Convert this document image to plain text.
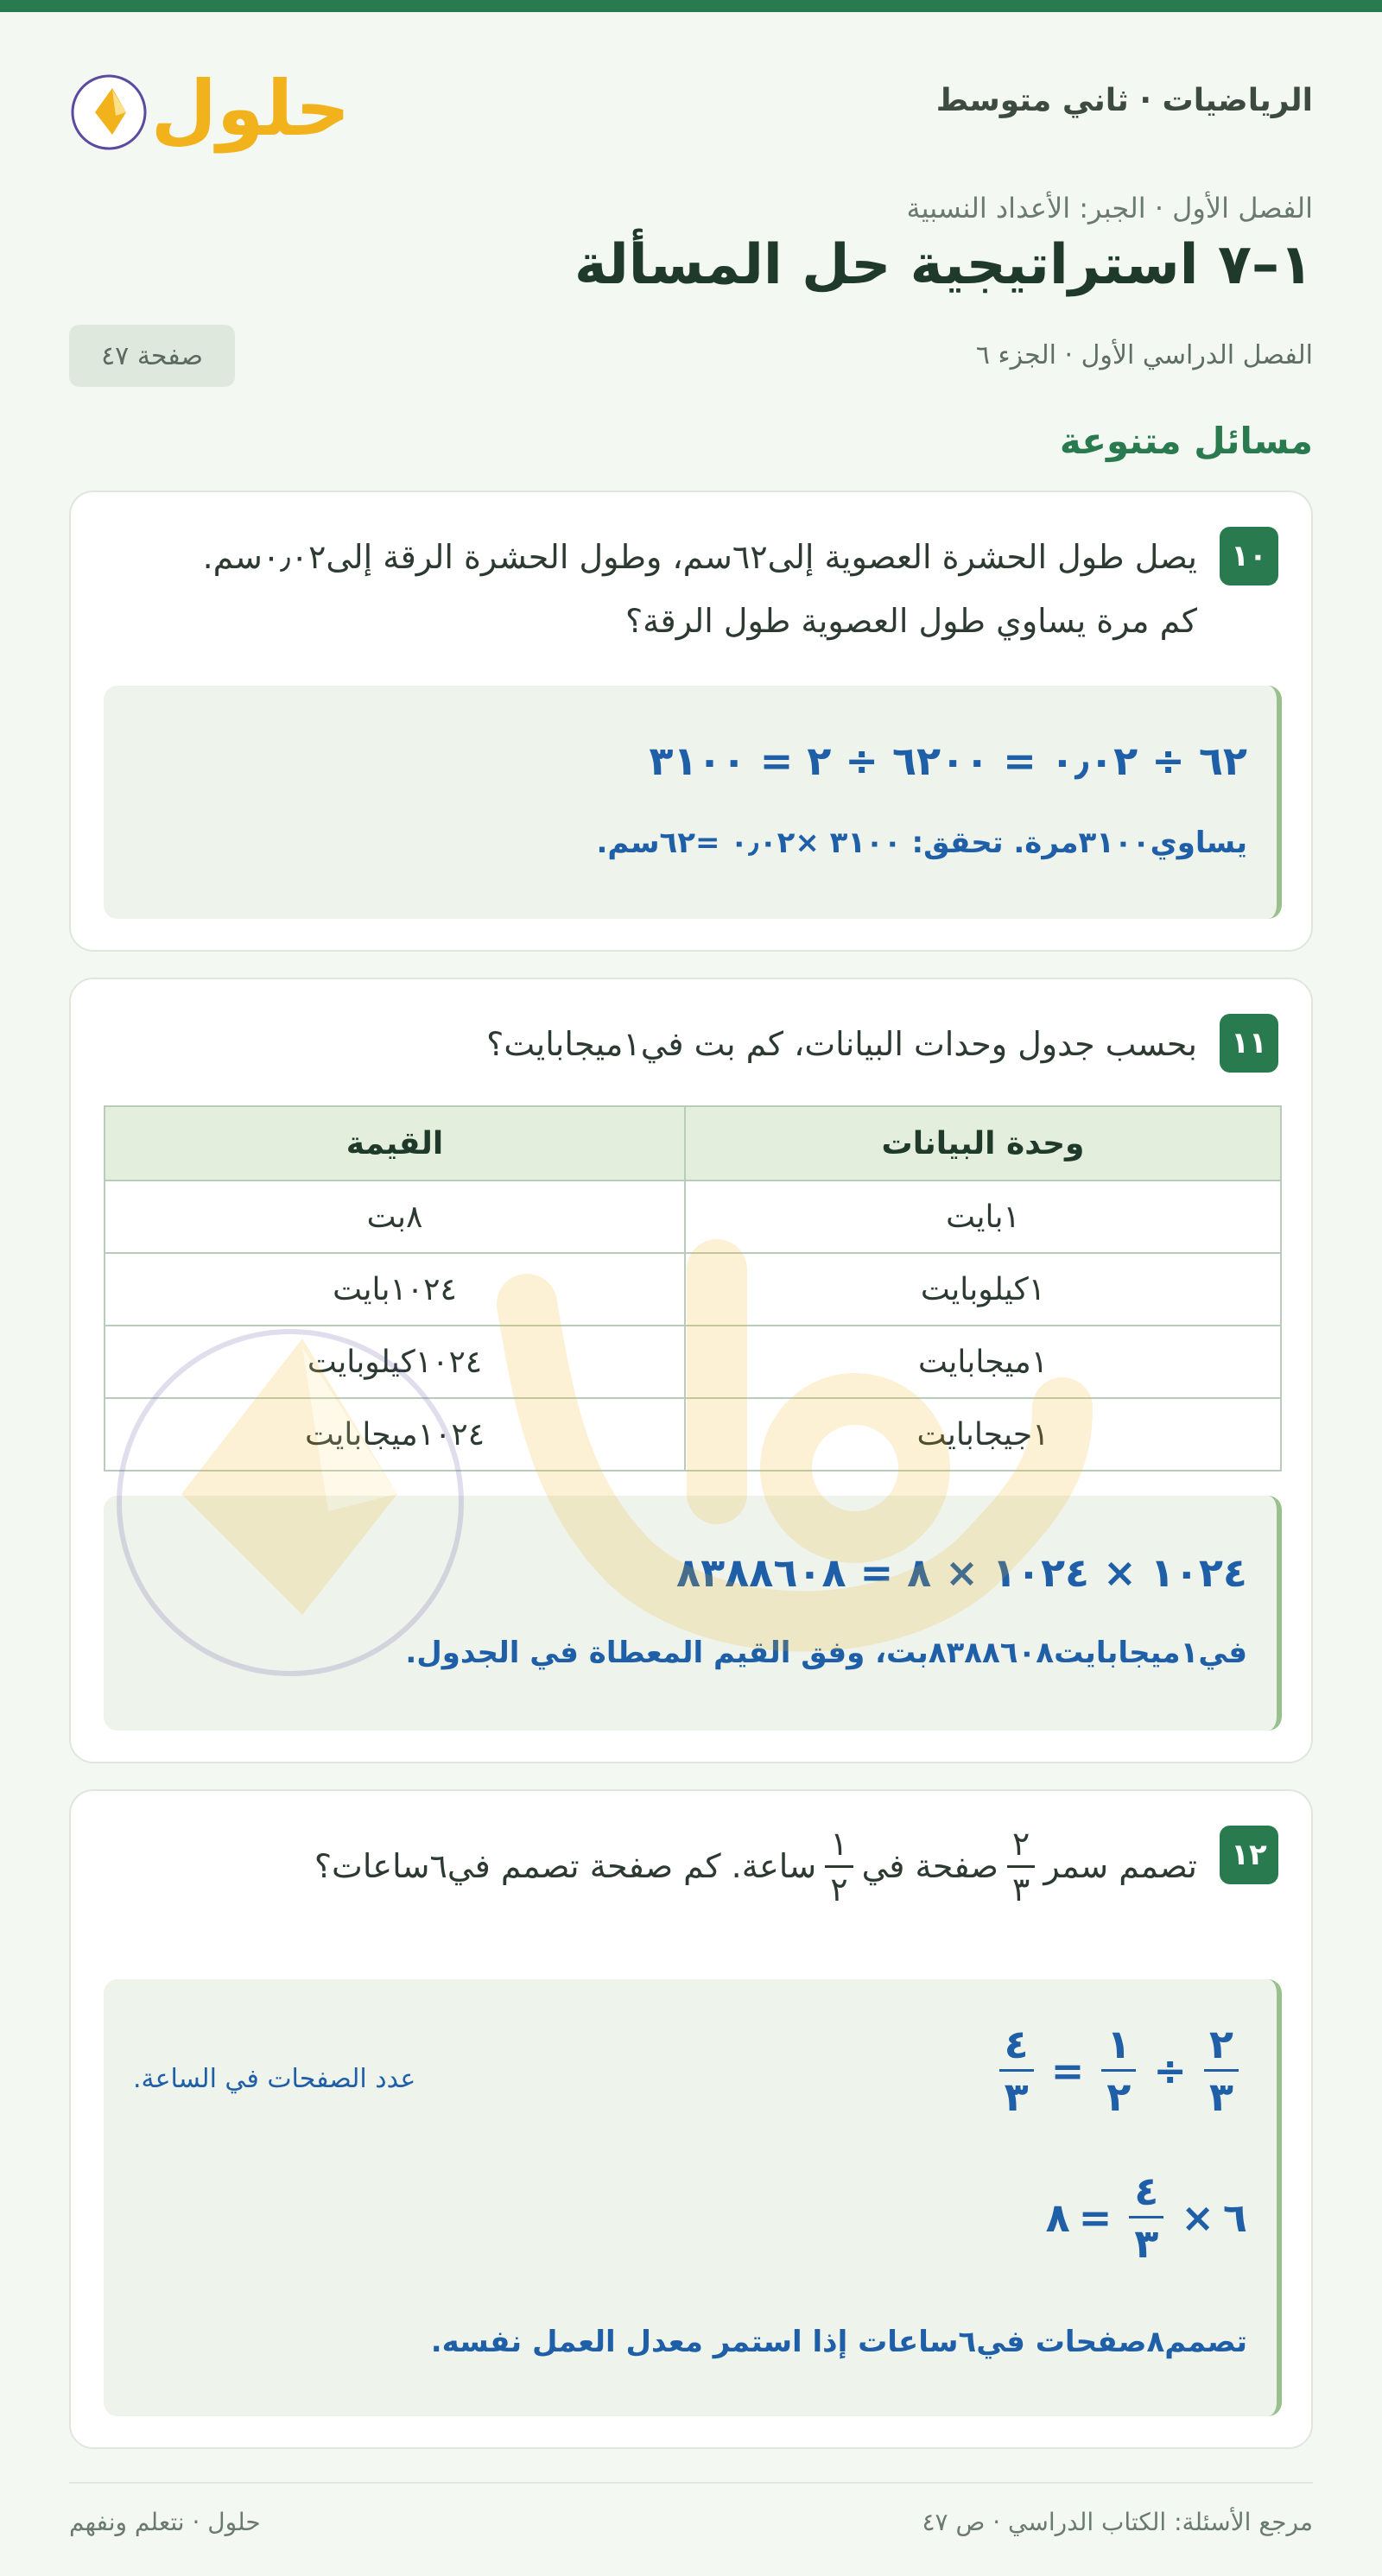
الرياضيات · ثاني متوسط
حلول
الفصل الأول · الجبر: الأعداد النسبية
١–٧ استراتيجية حل المسألة
الفصل الدراسي الأول · الجزء ٦
صفحة ٤٧
مسائل متنوعة
١٠
يصل طول الحشرة العصوية إلى٦٢سم، وطول الحشرة الرقة إلى٠٫٠٢سم.
كم مرة يساوي طول العصوية طول الرقة؟
٦٢ ÷ ٠٫٠٢ = ٦٢٠٠ ÷ ٢ = ٣١٠٠
يساوي٣١٠٠مرة. تحقق: ٣١٠٠ ×٠٫٠٢ =٦٢سم.
١١
بحسب جدول وحدات البيانات، كم بت في١ميجابايت؟
وحدة البيانات	القيمة
١بايت	٨بت
١كيلوبايت	١٠٢٤بايت
١ميجابايت	١٠٢٤كيلوبايت
١جيجابايت	١٠٢٤ميجابايت
١٠٢٤ × ١٠٢٤ × ٨ = ٨٣٨٨٦٠٨
في١ميجابايت٨٣٨٨٦٠٨بت، وفق القيم المعطاة في الجدول.
١٢
تصمم سمر
$\frac{٢}{٣}$
صفحة في
$\frac{١}{٢}$
ساعة. كم صفحة تصمم في٦ساعات؟
$\frac{٢}{٣}$
÷
$\frac{١}{٢}$
=
$\frac{٤}{٣}$
عدد الصفحات في الساعة.
٦
×
$\frac{٤}{٣}$
=
٨
تصمم٨صفحات في٦ساعات إذا استمر معدل العمل نفسه.
مرجع الأسئلة: الكتاب الدراسي · ص ٤٧
حلول · نتعلم ونفهم
